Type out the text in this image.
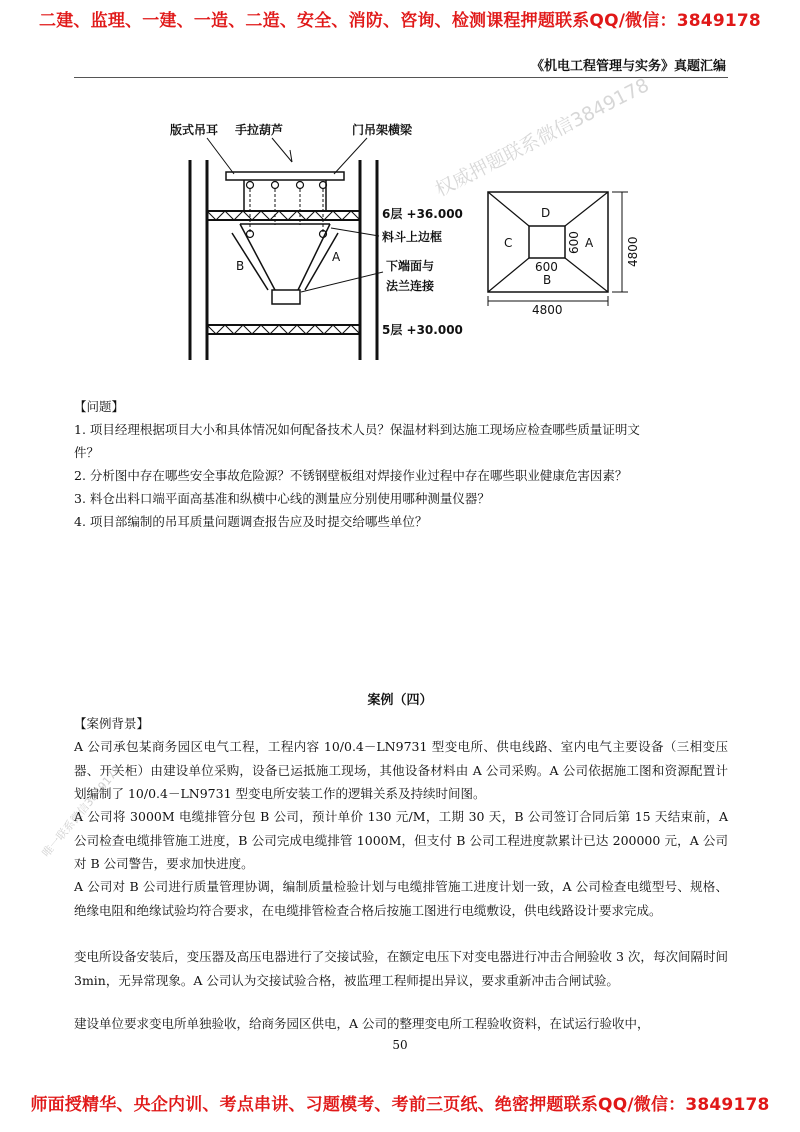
二建、监理、一建、一造、二造、安全、消防、咨询、检测课程押题联系QQ/微信：3849178
《机电工程管理与实务》真题汇编
版式吊耳 手拉葫芦	门吊架横梁
6层 +36.000
料斗上边框
下端面与
法兰连接
5层 +30.000
B
A
D
C	A
B
600
600
4800
4800
【问题】
1. 项目经理根据项目大小和具体情况如何配备技术人员？保温材料到达施工现场应检查哪些质量证明文
件？
2. 分析图中存在哪些安全事故危险源？不锈钢壁板组对焊接作业过程中存在哪些职业健康危害因素？
3. 料仓出料口端平面高基准和纵横中心线的测量应分别使用哪种测量仪器？
4. 项目部编制的吊耳质量问题调查报告应及时提交给哪些单位？
案例（四）
【案例背景】
A 公司承包某商务园区电气工程，工程内容 10/0.4－LN9731 型变电所、供电线路、室内电气主要设备（三相变压器、开关柜）由建设单位采购，设备已运抵施工现场，其他设备材料由 A 公司采购。A 公司依据施工图和资源配置计划编制了 10/0.4－LN9731 型变电所安装工作的逻辑关系及持续时间图。
A 公司将 3000M 电缆排管分包 B 公司，预计单价 130 元/M，工期 30 天，B 公司签订合同后第 15 天结束前，A 公司检查电缆排管施工进度，B 公司完成电缆排管 1000M，但支付 B 公司工程进度款累计已达 200000 元，A 公司对 B 公司警告，要求加快进度。
A 公司对 B 公司进行质量管理协调，编制质量检验计划与电缆排管施工进度计划一致，A 公司检查电缆型号、规格、绝缘电阻和绝缘试验均符合要求，在电缆排管检查合格后按施工图进行电缆敷设，供电线路设计要求完成。
变电所设备安装后，变压器及高压电器进行了交接试验，在额定电压下对变电器进行冲击合闸验收 3 次，每次间隔时间 3min，无异常现象。A 公司认为交接试验合格，被监理工程师提出异议，要求重新冲击合闸试验。
建设单位要求变电所单独验收，给商务园区供电，A 公司的整理变电所工程验收资料，在试运行验收中，
50
权威押题联系微信3849178
唯一联系微信3849178
师面授精华、央企内训、考点串讲、习题模考、考前三页纸、绝密押题联系QQ/微信：3849178
